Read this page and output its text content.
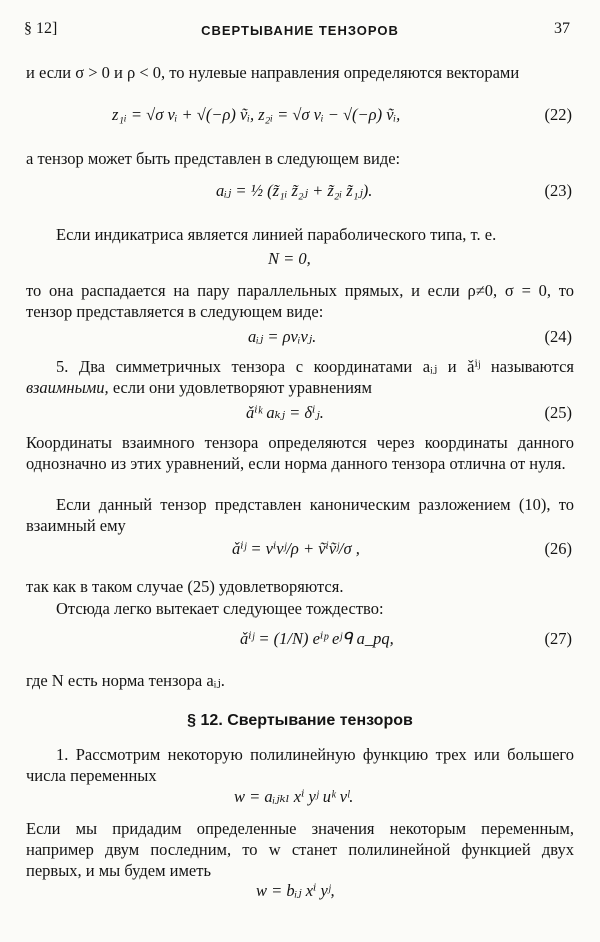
§ 12]	СВЕРТЫВАНИЕ ТЕНЗОРОВ	37

и если σ > 0 и ρ < 0, то нулевые направления определяются векторами

z₁ᵢ = √σ vᵢ + √(−ρ) ṽᵢ, z₂ᵢ = √σ vᵢ − √(−ρ) ṽᵢ,	(22)

а тензор может быть представлен в следующем виде:

aᵢⱼ = ½ (z̃₁ᵢ z̃₂ⱼ + z̃₂ᵢ z̃₁ⱼ).	(23)

Если индикатриса является линией параболического типа, т. е.

N = 0,

то она распадается на пару параллельных прямых, и если ρ≠0, σ = 0, то тензор представляется в следующем виде:

aᵢⱼ = ρvᵢvⱼ.	(24)

5. Два симметричных тензора с координатами aᵢⱼ и ǎⁱʲ называются взаимными, если они удовлетворяют уравнениям

ǎⁱᵏ aₖⱼ = δⁱⱼ.	(25)

Координаты взаимного тензора определяются через координаты данного однозначно из этих уравнений, если норма данного тензора отлична от нуля.

Если данный тензор представлен каноническим разложением (10), то взаимный ему

ǎⁱʲ = vⁱvʲ/ρ + ṽⁱṽʲ/σ ,	(26)

так как в таком случае (25) удовлетворяются.

Отсюда легко вытекает следующее тождество:

ǎⁱʲ = (1/N) eⁱᵖ eʲᑫ a_pq,	(27)

где N есть норма тензора aᵢⱼ.

§ 12. Свертывание тензоров

1. Рассмотрим некоторую полилинейную функцию трех или большего числа переменных

w = aᵢⱼₖₗ xⁱ yʲ uᵏ vˡ.

Если мы придадим определенные значения некоторым переменным, например двум последним, то w станет полилинейной функцией двух первых, и мы будем иметь

w = bᵢⱼ xⁱ yʲ,
